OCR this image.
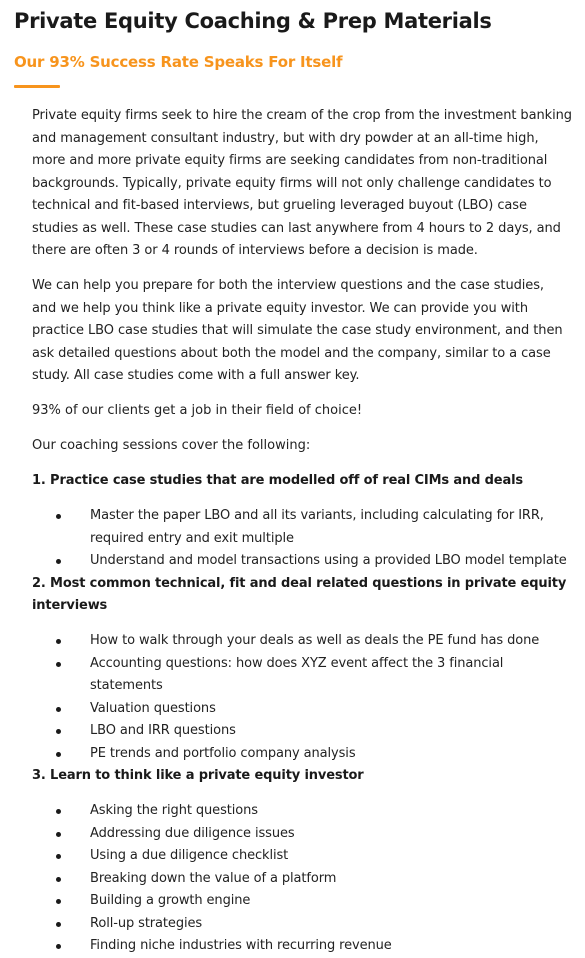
Private Equity Coaching & Prep Materials
Our 93% Success Rate Speaks For Itself

Private equity firms seek to hire the cream of the crop from the investment banking and management consultant industry, but with dry powder at an all-time high, more and more private equity firms are seeking candidates from non-traditional backgrounds. Typically, private equity firms will not only challenge candidates to technical and fit-based interviews, but grueling leveraged buyout (LBO) case studies as well. These case studies can last anywhere from 4 hours to 2 days, and there are often 3 or 4 rounds of interviews before a decision is made.

We can help you prepare for both the interview questions and the case studies, and we help you think like a private equity investor. We can provide you with practice LBO case studies that will simulate the case study environment, and then ask detailed questions about both the model and the company, similar to a case study. All case studies come with a full answer key.

93% of our clients get a job in their field of choice!

Our coaching sessions cover the following:

1. Practice case studies that are modelled off of real CIMs and deals
Master the paper LBO and all its variants, including calculating for IRR, required entry and exit multiple
Understand and model transactions using a provided LBO model template
2. Most common technical, fit and deal related questions in private equity interviews
How to walk through your deals as well as deals the PE fund has done
Accounting questions: how does XYZ event affect the 3 financial statements
Valuation questions
LBO and IRR questions
PE trends and portfolio company analysis
3. Learn to think like a private equity investor
Asking the right questions
Addressing due diligence issues
Using a due diligence checklist
Breaking down the value of a platform
Building a growth engine
Roll-up strategies
Finding niche industries with recurring revenue
